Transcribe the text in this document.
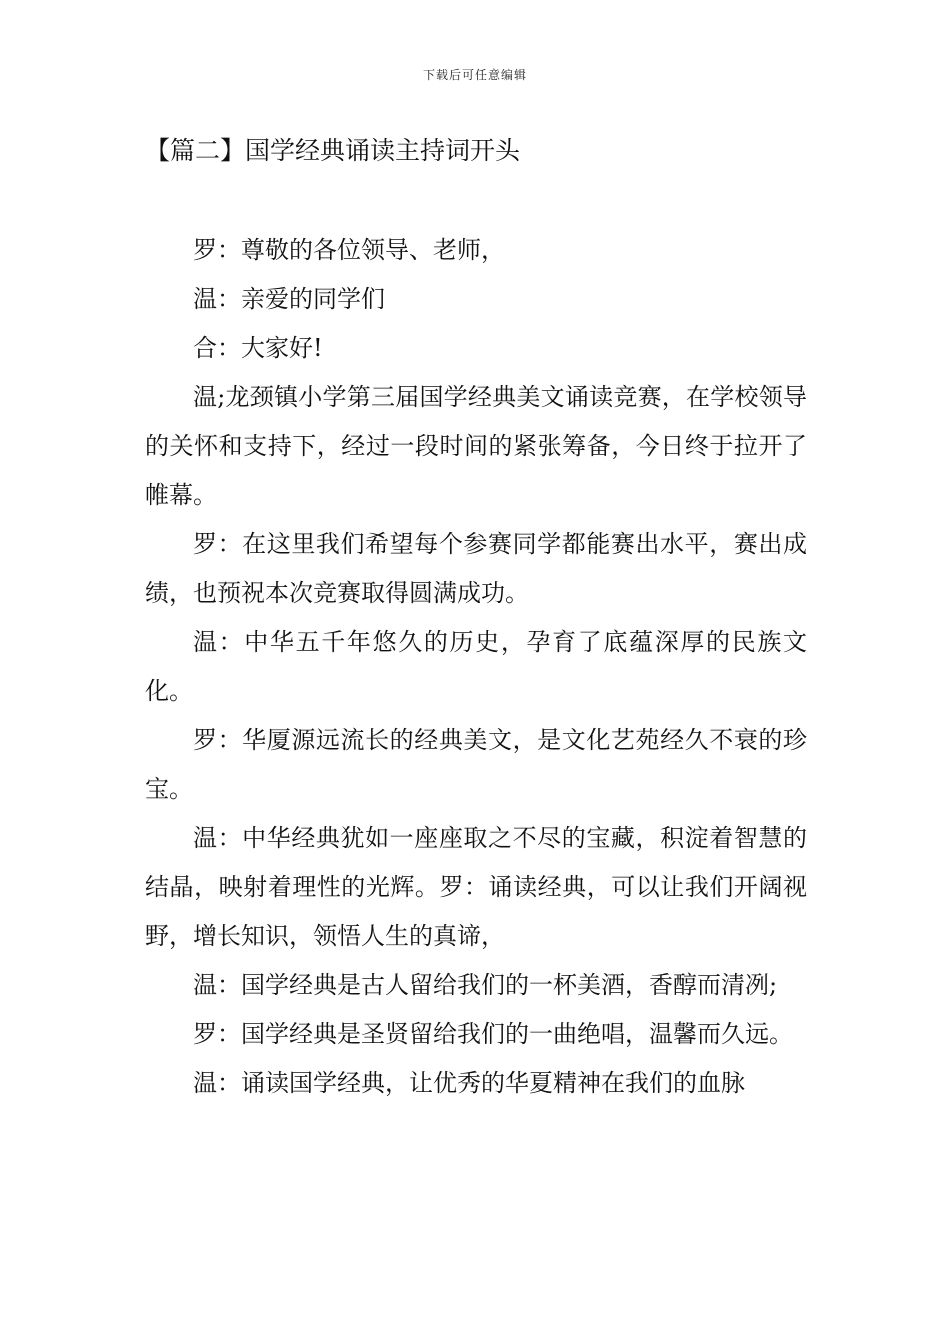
下载后可任意编辑
【篇二】国学经典诵读主持词开头

罗：尊敬的各位领导、老师，

温：亲爱的同学们

合：大家好!

温;龙颈镇小学第三届国学经典美文诵读竞赛，在学校领导的关怀和支持下，经过一段时间的紧张筹备，今日终于拉开了帷幕。

罗：在这里我们希望每个参赛同学都能赛出水平，赛出成绩，也预祝本次竞赛取得圆满成功。

温：中华五千年悠久的历史，孕育了底蕴深厚的民族文化。

罗：华厦源远流长的经典美文，是文化艺苑经久不衰的珍宝。

温：中华经典犹如一座座取之不尽的宝藏，积淀着智慧的结晶，映射着理性的光辉。罗：诵读经典，可以让我们开阔视野，增长知识，领悟人生的真谛，

温：国学经典是古人留给我们的一杯美酒，香醇而清冽;

罗：国学经典是圣贤留给我们的一曲绝唱，温馨而久远。

温：诵读国学经典，让优秀的华夏精神在我们的血脉
